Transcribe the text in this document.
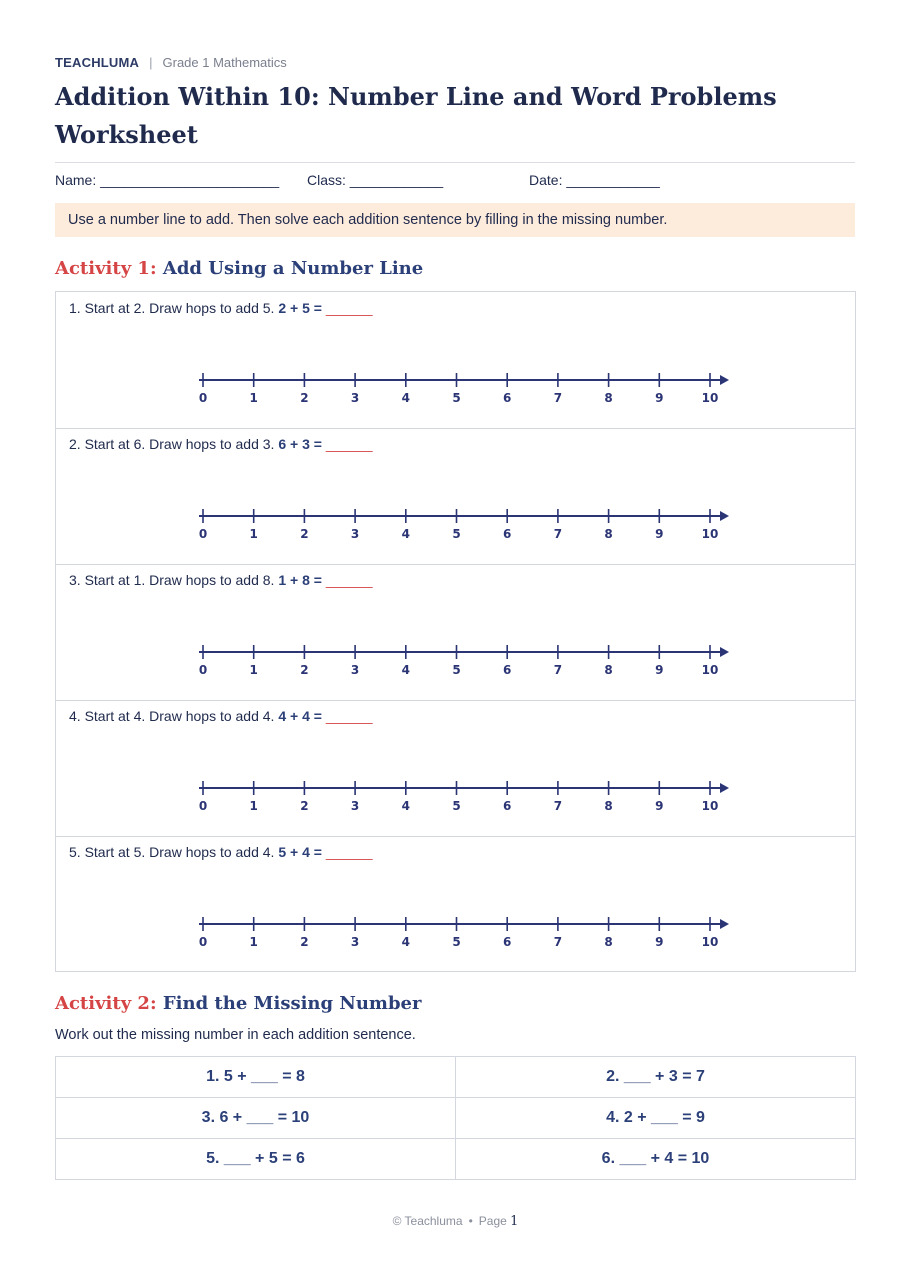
TEACHLUMA | Grade 1 Mathematics
Addition Within 10: Number Line and Word Problems Worksheet
Name: _______________________ Class: ____________	Date: ____________
Use a number line to add. Then solve each addition sentence by filling in the missing number.
Activity 1: Add Using a Number Line
1. Start at 2. Draw hops to add 5. 2 + 5 = ______
0	1	2	3	4	5	6	7	8	9	10
2. Start at 6. Draw hops to add 3. 6 + 3 = ______
0	1	2	3	4	5	6	7	8	9	10
3. Start at 1. Draw hops to add 8. 1 + 8 = ______
0	1	2	3	4	5	6	7	8	9	10
4. Start at 4. Draw hops to add 4. 4 + 4 = ______
0	1	2	3	4	5	6	7	8	9	10
5. Start at 5. Draw hops to add 4. 5 + 4 = ______
0	1	2	3	4	5	6	7	8	9	10
Activity 2: Find the Missing Number
Work out the missing number in each addition sentence.
1. 5 + ___ = 8	2. ___ + 3 = 7
3. 6 + ___ = 10	4. 2 + ___ = 9
5. ___ + 5 = 6	6. ___ + 4 = 10
© Teachluma • Page 1
